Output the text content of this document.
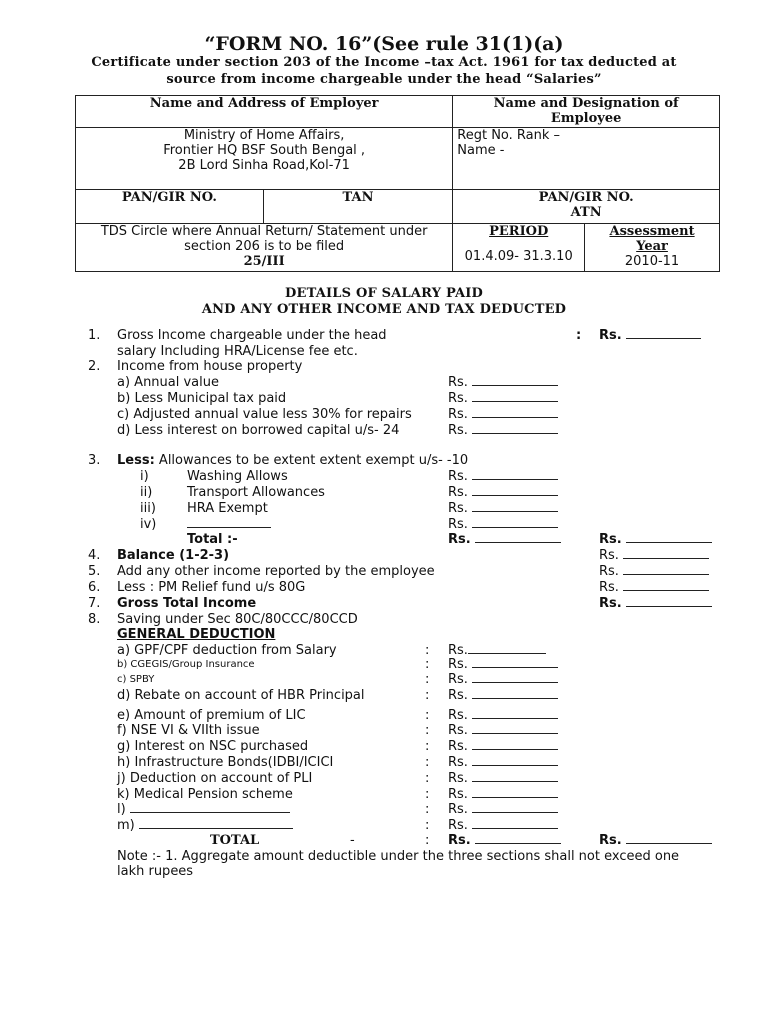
“FORM NO. 16”(See rule 31(1)(a)
Certificate under section 203 of the Income –tax Act. 1961 for tax deducted at
source from income chargeable under the head “Salaries”
Name and Address of Employer		Name and Designation of
Employee	
Ministry of Home Affairs,
Frontier HQ BSF South Bengal ,
2B Lord Sinha Road,Kol-71		Regt No. Rank –
Name -	
PAN/GIR NO.	TAN	PAN/GIR NO.
ATN	
TDS Circle where Annual Return/ Statement under
section 206 is to be filed
25/III		PERIOD

01.4.09- 31.3.10	Assessment
Year
2010-11
DETAILS OF SALARY PAID
AND ANY OTHER INCOME AND TAX DEDUCTED
1. Gross Income chargeable under the head
salary Including HRA/License fee etc.
: Rs.
2. Income from house property
a) Annual value	Rs.
b) Less Municipal tax paid	Rs.
c) Adjusted annual value less 30% for repairs	Rs.
d) Less interest on borrowed capital u/s- 24	Rs.
3. Less: Allowances to be extent extent exempt u/s- -10
i)	Washing Allows	Rs.
ii)	Transport Allowances	Rs.
iii) HRA Exempt	Rs.
iv)	Rs.
Total :-	Rs.	Rs.
4. Balance (1-2-3)	Rs.
5. Add any other income reported by the employee	Rs.
6. Less : PM Relief fund u/s 80G	Rs.
7. Gross Total Income	Rs.
8. Saving under Sec 80C/80CCC/80CCD
GENERAL DEDUCTION
a) GPF/CPF deduction from Salary	: Rs.
b) CGEGIS/Group Insurance	: Rs.
c) SPBY	: Rs.
d) Rebate on account of HBR Principal	: Rs.
e) Amount of premium of LIC	: Rs.
f) NSE VI & VIIth issue	: Rs.
g) Interest on NSC purchased	: Rs.
h) Infrastructure Bonds(IDBI/ICICI	: Rs.
j) Deduction on account of PLI	: Rs.
k) Medical Pension scheme	: Rs.
l)	: Rs.
m)	: Rs.
TOTAL	-	: Rs.	Rs.
Note :- 1. Aggregate amount deductible under the three sections shall not exceed one
lakh rupees
